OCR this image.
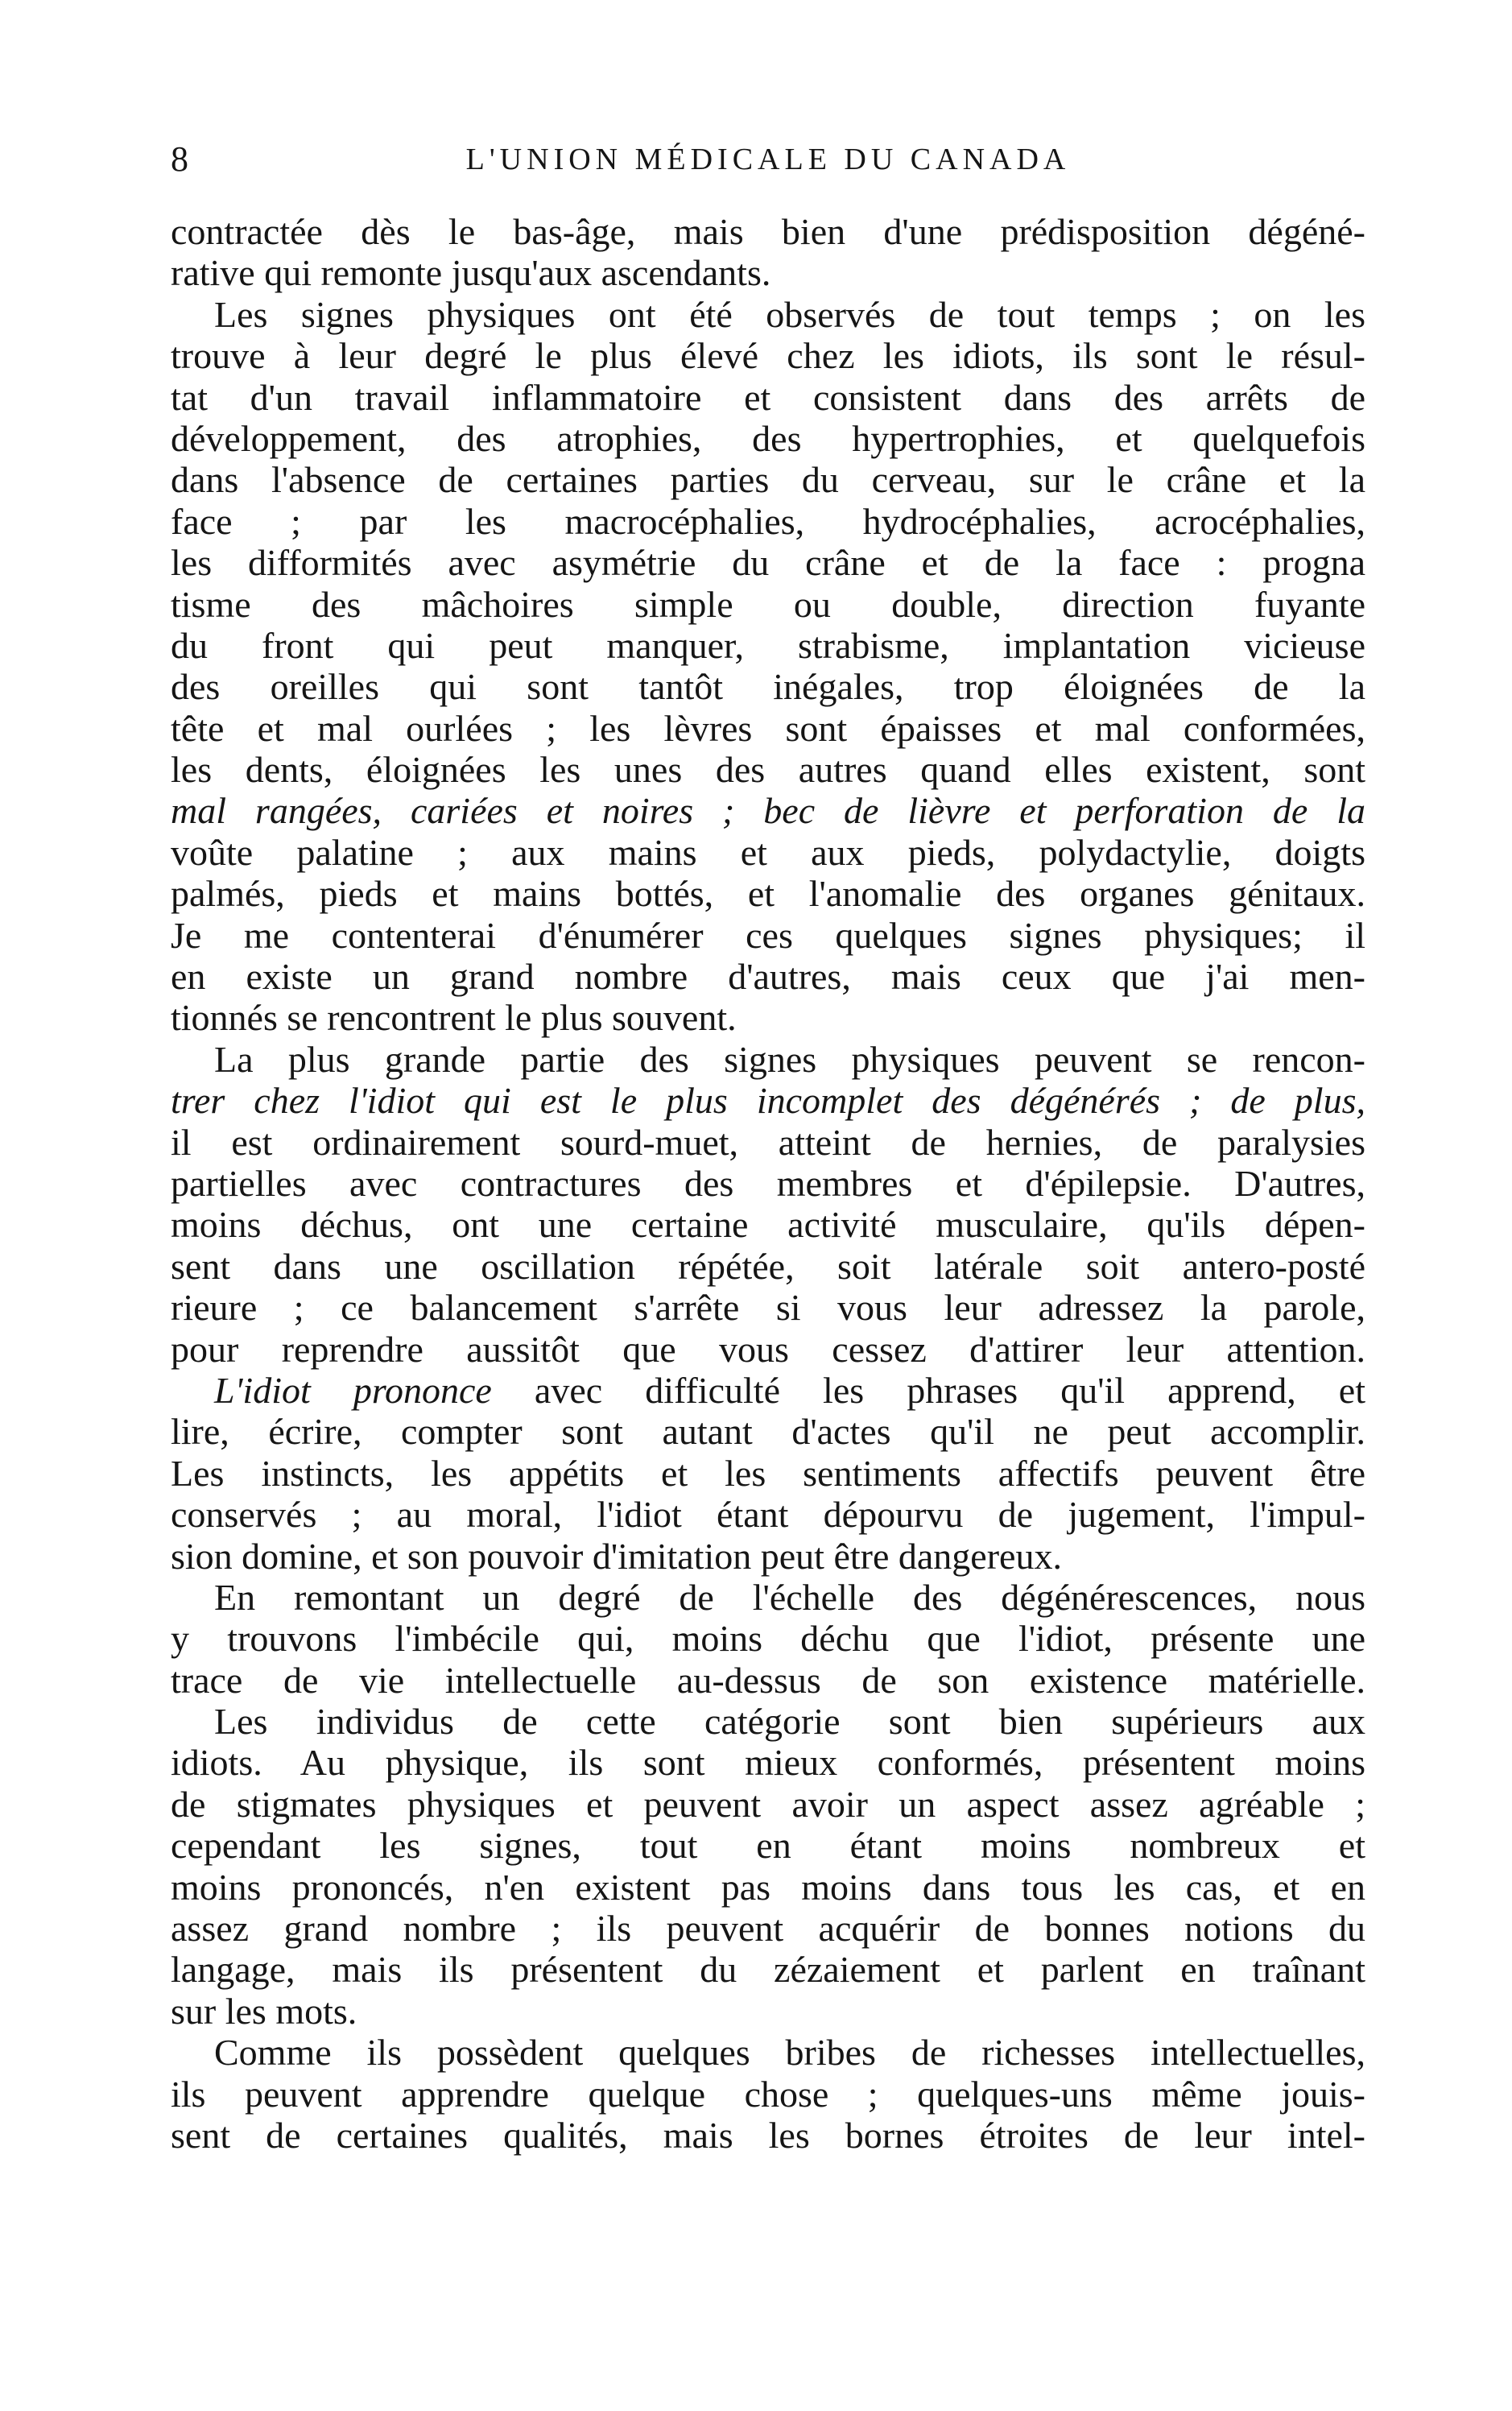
8	L'UNION MÉDICALE DU CANADA
contractée dès le bas-âge, mais bien d'une prédisposition dégéné-
rative qui remonte jusqu'aux ascendants.
Les signes physiques ont été observés de tout temps ; on les
trouve à leur degré le plus élevé chez les idiots, ils sont le résul-
tat d'un travail inflammatoire et consistent dans des arrêts de
développement, des atrophies, des hypertrophies, et quelquefois
dans l'absence de certaines parties du cerveau, sur le crâne et la
face ; par les macrocéphalies, hydrocéphalies, acrocéphalies,
les difformités avec asymétrie du crâne et de la face : progna
tisme des mâchoires simple ou double, direction fuyante
du front qui peut manquer, strabisme, implantation vicieuse
des oreilles qui sont tantôt inégales, trop éloignées de la
tête et mal ourlées ; les lèvres sont épaisses et mal conformées,
les dents, éloignées les unes des autres quand elles existent, sont
mal rangées, cariées et noires ; bec de lièvre et perforation de la
voûte palatine ; aux mains et aux pieds, polydactylie, doigts
palmés, pieds et mains bottés, et l'anomalie des organes génitaux.
Je me contenterai d'énumérer ces quelques signes physiques; il
en existe un grand nombre d'autres, mais ceux que j'ai men-
tionnés se rencontrent le plus souvent.
La plus grande partie des signes physiques peuvent se rencon-
trer chez l'idiot qui est le plus incomplet des dégénérés ; de plus,
il est ordinairement sourd-muet, atteint de hernies, de paralysies
partielles avec contractures des membres et d'épilepsie. D'autres,
moins déchus, ont une certaine activité musculaire, qu'ils dépen-
sent dans une oscillation répétée, soit latérale soit antero-posté
rieure ; ce balancement s'arrête si vous leur adressez la parole,
pour reprendre aussitôt que vous cessez d'attirer leur attention.
L'idiot prononce avec difficulté les phrases qu'il apprend, et
lire, écrire, compter sont autant d'actes qu'il ne peut accomplir.
Les instincts, les appétits et les sentiments affectifs peuvent être
conservés ; au moral, l'idiot étant dépourvu de jugement, l'impul-
sion domine, et son pouvoir d'imitation peut être dangereux.
En remontant un degré de l'échelle des dégénérescences, nous
y trouvons l'imbécile qui, moins déchu que l'idiot, présente une
trace de vie intellectuelle au-dessus de son existence matérielle.
Les individus de cette catégorie sont bien supérieurs aux
idiots. Au physique, ils sont mieux conformés, présentent moins
de stigmates physiques et peuvent avoir un aspect assez agréable ;
cependant les signes, tout en étant moins nombreux et
moins prononcés, n'en existent pas moins dans tous les cas, et en
assez grand nombre ; ils peuvent acquérir de bonnes notions du
langage, mais ils présentent du zézaiement et parlent en traînant
sur les mots.
Comme ils possèdent quelques bribes de richesses intellectuelles,
ils peuvent apprendre quelque chose ; quelques-uns même jouis-
sent de certaines qualités, mais les bornes étroites de leur intel-
